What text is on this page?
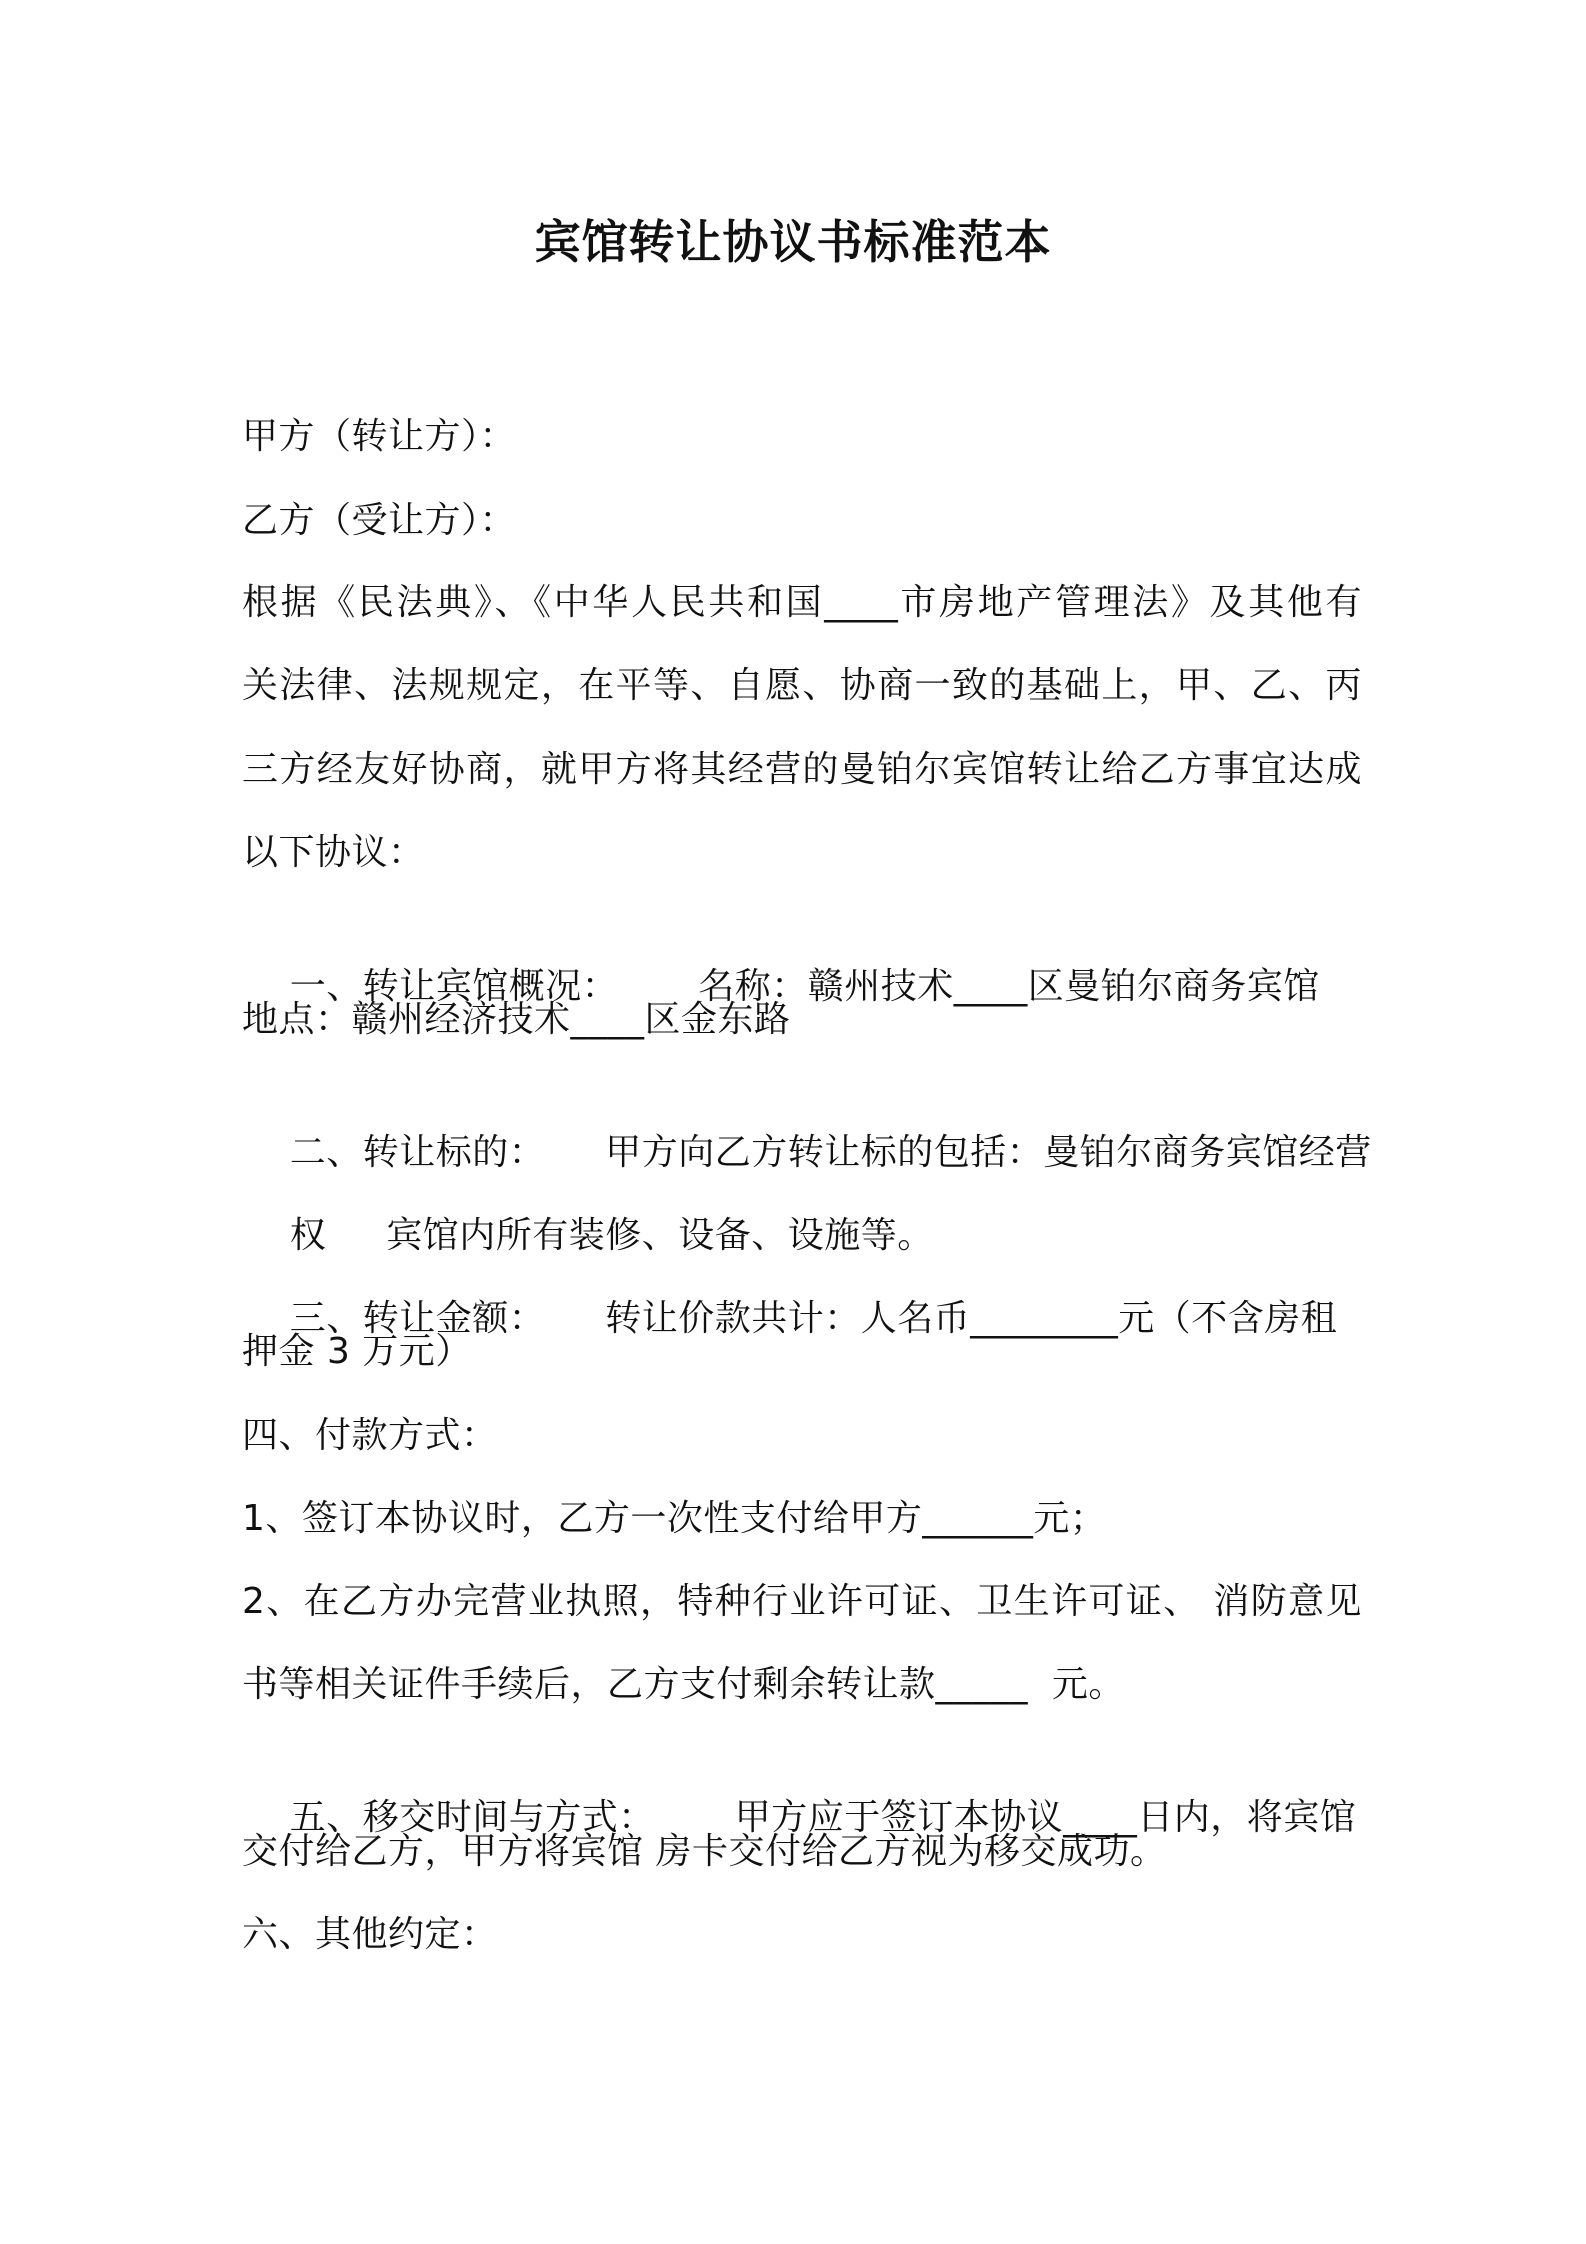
宾馆转让协议书标准范本
甲方（转让方）：
乙方（受让方）：
根据《民法典》、《中华人民共和国____市房地产管理法》及其他有
关法律、法规规定，在平等、自愿、协商一致的基础上，甲、乙、丙
三方经友好协商，就甲方将其经营的曼铂尔宾馆转让给乙方事宜达成
以下协议：

一、转让宾馆概况： 名称：赣州技术____区曼铂尔商务宾馆

地点：赣州经济技术____区金东路

二、转让标的： 甲方向乙方转让标的包括：曼铂尔商务宾馆经营

权 宾馆内所有装修、设备、设施等。

三、转让金额： 转让价款共计：人名币________元（不含房租

押金 3 万元）
四、付款方式：
1、签订本协议时，乙方一次性支付给甲方______元；
2、在乙方办完营业执照，特种行业许可证、卫生许可证、 消防意见
书等相关证件手续后，乙方支付剩余转让款_____  元。

五、移交时间与方式： 甲方应于签订本协议____日内，将宾馆

交付给乙方，甲方将宾馆 房卡交付给乙方视为移交成功。
六、其他约定：
